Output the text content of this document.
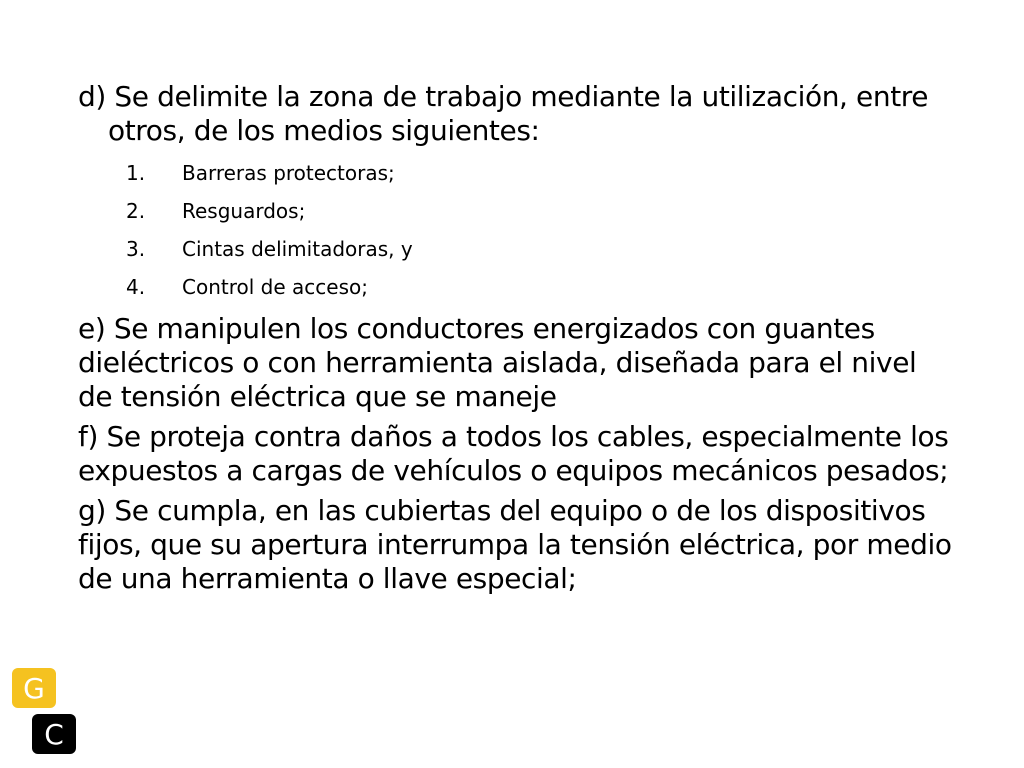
d) Se delimite la zona de trabajo mediante la utilización, entre otros, de los medios siguientes:

1. Barreras protectoras;
2. Resguardos;
3. Cintas delimitadoras, y
4. Control de acceso;

e) Se manipulen los conductores energizados con guantes dieléctricos o con herramienta aislada, diseñada para el nivel de tensión eléctrica que se maneje

f) Se proteja contra daños a todos los cables, especialmente los expuestos a cargas de vehículos o equipos mecánicos pesados;

g) Se cumpla, en las cubiertas del equipo o de los dispositivos fijos, que su apertura interrumpa la tensión eléctrica, por medio de una herramienta o llave especial;

G
C
